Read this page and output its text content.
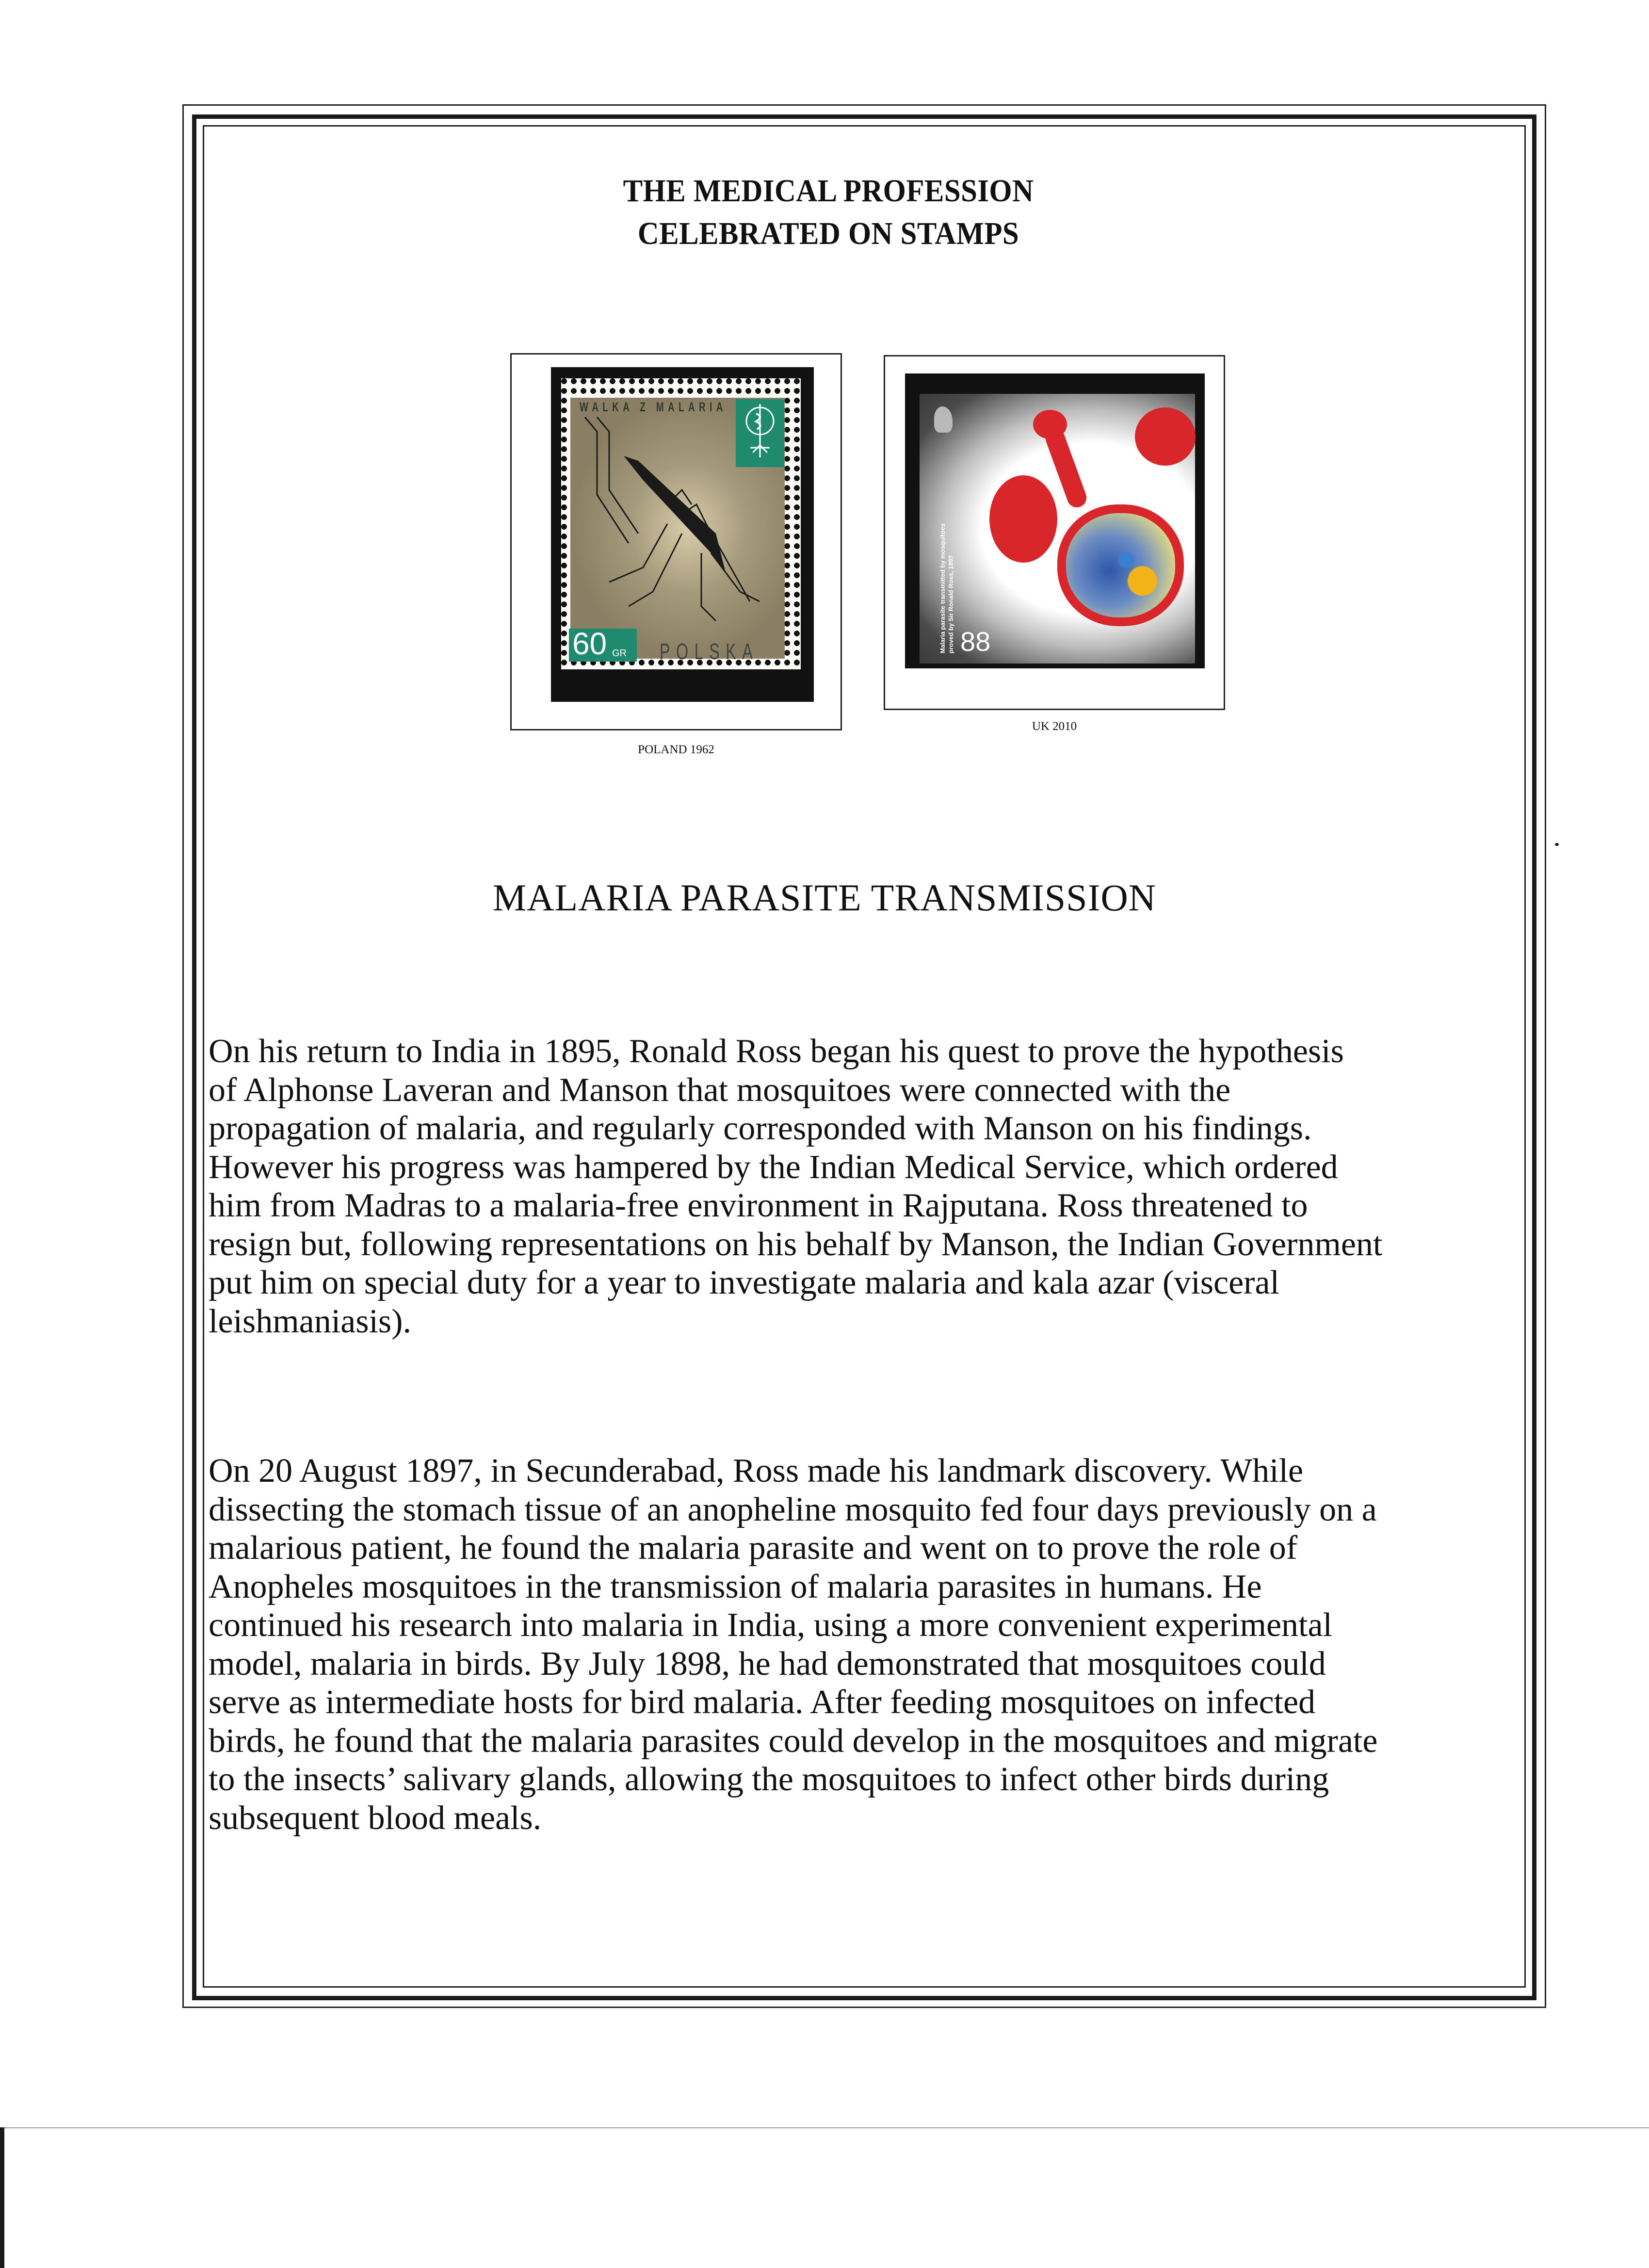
THE MEDICAL PROFESSION
CELEBRATED ON STAMPS
WALKA Z MALARIA
60 GR POLSKA
POLAND 1962
Malaria parasite transmitted by mosquitoes proved by Sir Ronald Ross, 1897 88
UK 2010
MALARIA PARASITE TRANSMISSION
On his return to India in 1895, Ronald Ross began his quest to prove the hypothesis
of Alphonse Laveran and Manson that mosquitoes were connected with the
propagation of malaria, and regularly corresponded with Manson on his findings.
However his progress was hampered by the Indian Medical Service, which ordered
him from Madras to a malaria-free environment in Rajputana. Ross threatened to
resign but, following representations on his behalf by Manson, the Indian Government
put him on special duty for a year to investigate malaria and kala azar (visceral
leishmaniasis).
On 20 August 1897, in Secunderabad, Ross made his landmark discovery. While
dissecting the stomach tissue of an anopheline mosquito fed four days previously on a
malarious patient, he found the malaria parasite and went on to prove the role of
Anopheles mosquitoes in the transmission of malaria parasites in humans. He
continued his research into malaria in India, using a more convenient experimental
model, malaria in birds. By July 1898, he had demonstrated that mosquitoes could
serve as intermediate hosts for bird malaria. After feeding mosquitoes on infected
birds, he found that the malaria parasites could develop in the mosquitoes and migrate
to the insects’ salivary glands, allowing the mosquitoes to infect other birds during
subsequent blood meals.
